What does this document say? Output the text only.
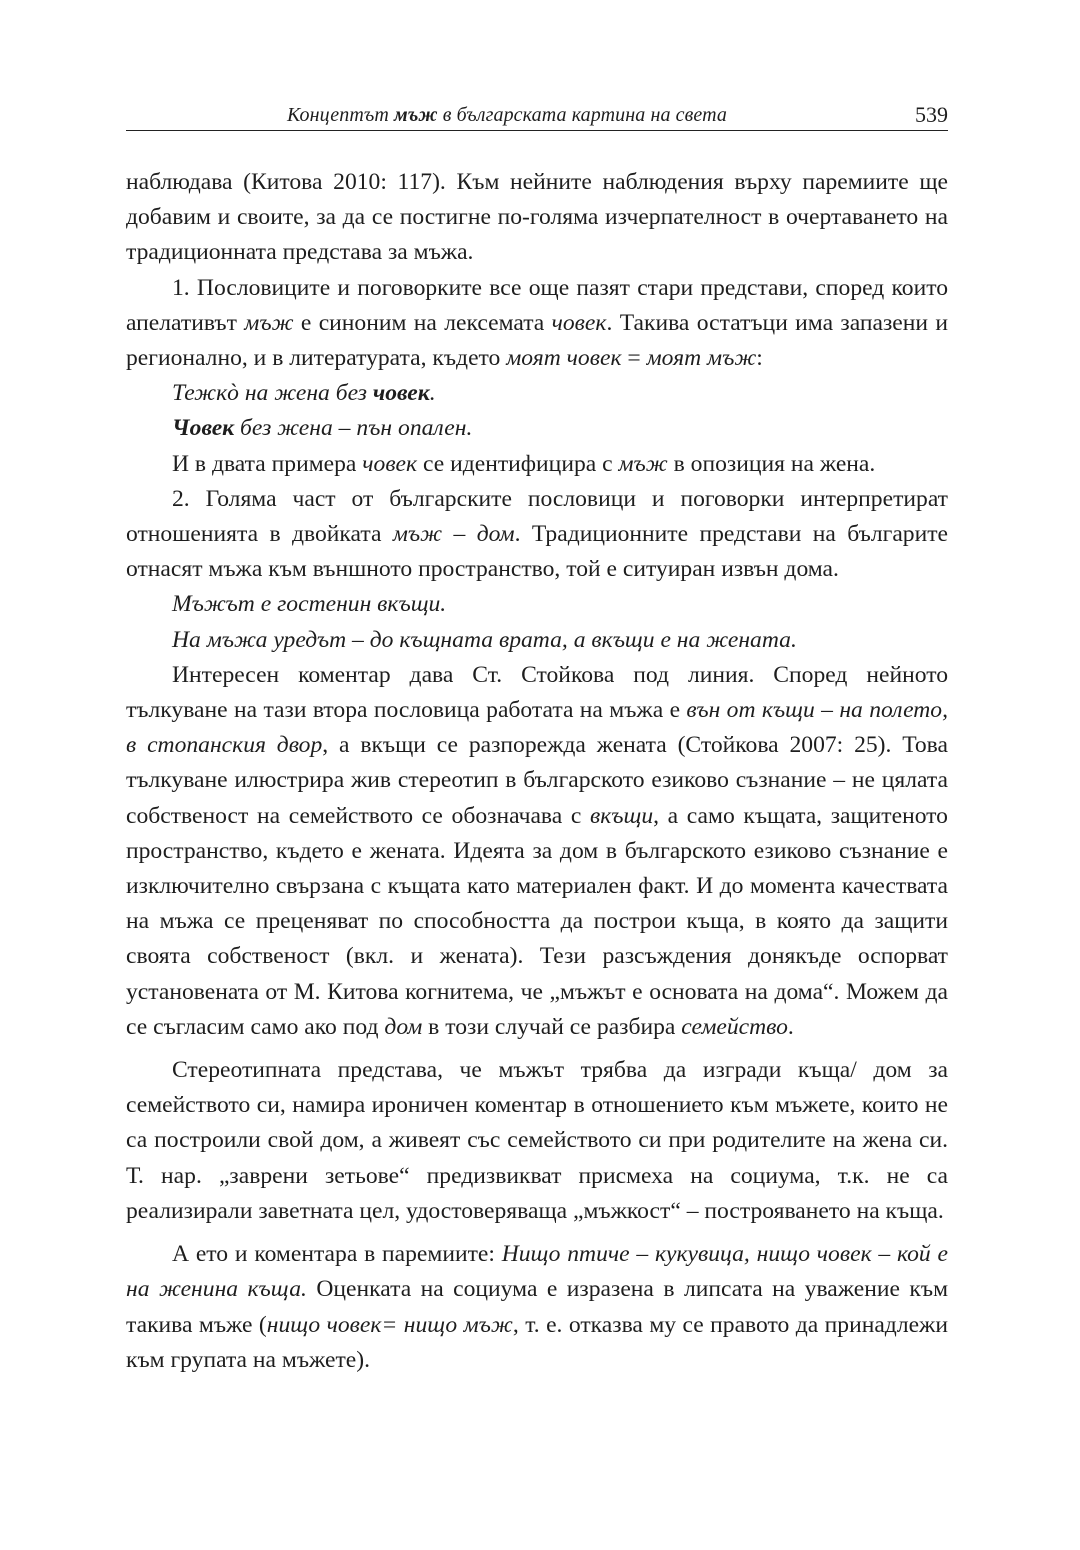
Концептът мъж в българската картина на света	539

наблюдава (Китова 2010: 117). Към нейните наблюдения върху паремиите ще добавим и своите, за да се постигне по-голяма изчерпателност в очертаването на традиционната представа за мъжа.

1. Пословиците и поговорките все още пазят стари представи, според които апелативът мъж е синоним на лексемата човек. Такива остатъци има запазени и регионално, и в литературата, където моят човек = моят мъж:

Тежкò на жена без човек.

Човек без жена – пън опален.

И в двата примера човек се идентифицира с мъж в опозиция на жена.

2. Голяма част от българските пословици и поговорки интерпретират отношенията в двойката мъж – дом. Традиционните представи на българите отнасят мъжа към външното пространство, той е ситуиран извън дома.

Мъжът е гостенин вкъщи.

На мъжа уредът – до къщната врата, а вкъщи е на жената.

Интересен коментар дава Ст. Стойкова под линия. Според нейното тълкуване на тази втора пословица работата на мъжа е вън от къщи – на полето, в стопанския двор, а вкъщи се разпорежда жената (Стойкова 2007: 25). Това тълкуване илюстрира жив стереотип в българското езиково съзнание – не цялата собственост на семейството се обозначава с вкъщи, а само къщата, защитеното пространство, където е жената. Идеята за дом в българското езиково съзнание е изключително свързана с къщата като материален факт. И до момента качествата на мъжа се преценяват по способността да построи къща, в която да защити своята собственост (вкл. и жената). Тези разсъждения донякъде оспорват установената от М. Китова когнитема, че „мъжът е основата на дома“. Можем да се съгласим само ако под дом в този случай се разбира семейство.

Стереотипната представа, че мъжът трябва да изгради къща/ дом за семейството си, намира ироничен коментар в отношението към мъжете, които не са построили свой дом, а живеят със семейството си при родителите на жена си. Т. нар. „заврени зетьове“ предизвикват присмеха на социума, т.к. не са реализирали заветната цел, удостоверяваща „мъжкост“ – построяването на къща.

А ето и коментара в паремиите: Нищо птиче – кукувица, нищо човек – кой е на женина къща. Оценката на социума е изразена в липсата на уважение към такива мъже (нищо човек= нищо мъж, т. е. отказва му се правото да принадлежи към групата на мъжете).
